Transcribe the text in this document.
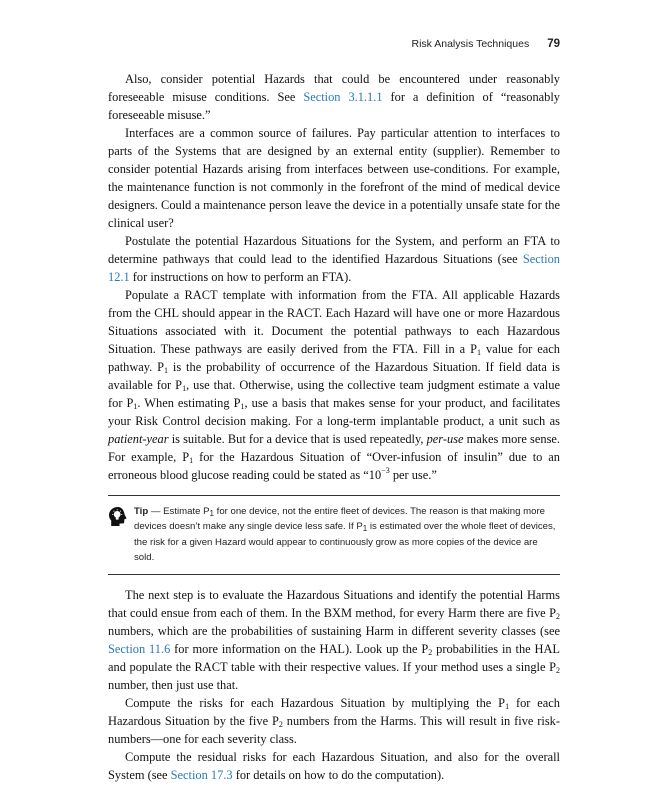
Risk Analysis Techniques 79

Also, consider potential Hazards that could be encountered under reasonably foreseeable misuse conditions. See Section 3.1.1.1 for a definition of “reasonably foreseeable misuse.”

Interfaces are a common source of failures. Pay particular attention to interfaces to parts of the Systems that are designed by an external entity (supplier). Remember to consider potential Hazards arising from interfaces between use-conditions. For example, the maintenance function is not commonly in the forefront of the mind of medical device designers. Could a maintenance person leave the device in a potentially unsafe state for the clinical user?

Postulate the potential Hazardous Situations for the System, and perform an FTA to determine pathways that could lead to the identified Hazardous Situations (see Section 12.1 for instructions on how to perform an FTA).

Populate a RACT template with information from the FTA. All applicable Hazards from the CHL should appear in the RACT. Each Hazard will have one or more Hazardous Situations associated with it. Document the potential pathways to each Hazardous Situation. These pathways are easily derived from the FTA. Fill in a $P_1$ value for each pathway. $P_1$ is the probability of occurrence of the Hazardous Situation. If field data is available for $P_1$, use that. Otherwise, using the collective team judgment estimate a value for $P_1$. When estimating $P_1$, use a basis that makes sense for your product, and facilitates your Risk Control decision making. For a long-term implantable product, a unit such as patient-year is suitable. But for a device that is used repeatedly, per-use makes more sense. For example, $P_1$ for the Hazardous Situation of “Over-infusion of insulin” due to an erroneous blood glucose reading could be stated as “$10^{-3}$ per use.”

Tip — Estimate $P_1$ for one device, not the entire fleet of devices. The reason is that making more devices doesn’t make any single device less safe. If $P_1$ is estimated over the whole fleet of devices, the risk for a given Hazard would appear to continuously grow as more copies of the device are sold.

The next step is to evaluate the Hazardous Situations and identify the potential Harms that could ensue from each of them. In the BXM method, for every Harm there are five $P_2$ numbers, which are the probabilities of sustaining Harm in different severity classes (see Section 11.6 for more information on the HAL). Look up the $P_2$ probabilities in the HAL and populate the RACT table with their respective values. If your method uses a single $P_2$ number, then just use that.

Compute the risks for each Hazardous Situation by multiplying the $P_1$ for each Hazardous Situation by the five $P_2$ numbers from the Harms. This will result in five risk-numbers—one for each severity class.

Compute the residual risks for each Hazardous Situation, and also for the overall System (see Section 17.3 for details on how to do the computation).
